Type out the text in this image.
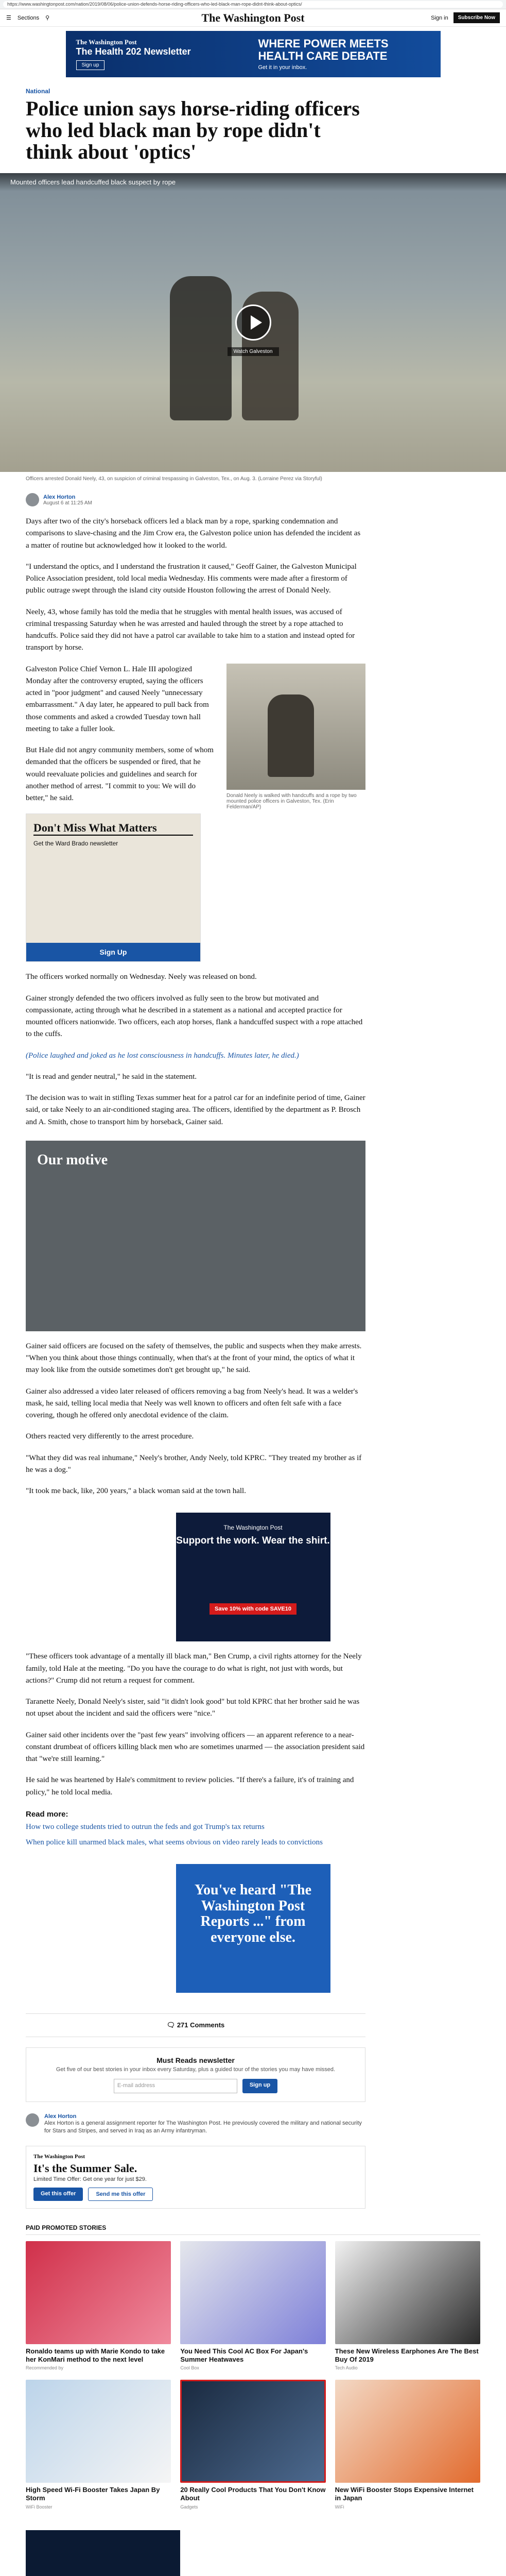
https://www.washingtonpost.com/nation/2019/08/06/police-union-defends-horse-riding-officers-who-led-black-man-rope-didnt-think-about-optics/
☰ Sections ⚲	The Washington Post	Sign in	Subscribe Now
The Washington Post
The Health 202 Newsletter
Sign up
WHERE POWER MEETS HEALTH CARE DEBATE
Get it in your inbox.
National
Police union says horse-riding officers who led black man by rope didn't think about 'optics'
Mounted officers lead handcuffed black suspect by rope
Watch Galveston
Officers arrested Donald Neely, 43, on suspicion of criminal trespassing in Galveston, Tex., on Aug. 3. (Lorraine Perez via Storyful)
Alex Horton
August 6 at 11:25 AM

Days after two of the city's horseback officers led a black man by a rope, sparking condemnation and comparisons to slave-chasing and the Jim Crow era, the Galveston police union has defended the incident as a matter of routine but acknowledged how it looked to the world.

"I understand the optics, and I understand the frustration it caused," Geoff Gainer, the Galveston Municipal Police Association president, told local media Wednesday. His comments were made after a firestorm of public outrage swept through the island city outside Houston following the arrest of Donald Neely.

Neely, 43, whose family has told the media that he struggles with mental health issues, was accused of criminal trespassing Saturday when he was arrested and hauled through the street by a rope attached to handcuffs. Police said they did not have a patrol car available to take him to a station and instead opted for transport by horse.

Donald Neely is walked with handcuffs and a rope by two mounted police officers in Galveston, Tex. (Erin Felderman/AP)

Galveston Police Chief Vernon L. Hale III apologized Monday after the controversy erupted, saying the officers acted in "poor judgment" and caused Neely "unnecessary embarrassment." A day later, he appeared to pull back from those comments and asked a crowded Tuesday town hall meeting to take a fuller look.

But Hale did not angry community members, some of whom demanded that the officers be suspended or fired, that he would reevaluate policies and guidelines and search for another method of arrest. "I commit to you: We will do better," he said.

Don't Miss What Matters
Get the Ward Brado newsletter
Sign Up

The officers worked normally on Wednesday. Neely was released on bond.

Gainer strongly defended the two officers involved as fully seen to the brow but motivated and compassionate, acting through what he described in a statement as a national and accepted practice for mounted officers nationwide. Two officers, each atop horses, flank a handcuffed suspect with a rope attached to the cuffs.

(Police laughed and joked as he lost consciousness in handcuffs. Minutes later, he died.)

"It is read and gender neutral," he said in the statement.

The decision was to wait in stifling Texas summer heat for a patrol car for an indefinite period of time, Gainer said, or take Neely to an air-conditioned staging area. The officers, identified by the department as P. Brosch and A. Smith, chose to transport him by horseback, Gainer said.

Our motive

Gainer said officers are focused on the safety of themselves, the public and suspects when they make arrests. "When you think about those things continually, when that's at the front of your mind, the optics of what it may look like from the outside sometimes don't get brought up," he said.

Gainer also addressed a video later released of officers removing a bag from Neely's head. It was a welder's mask, he said, telling local media that Neely was well known to officers and often felt safe with a face covering, though he offered only anecdotal evidence of the claim.

Others reacted very differently to the arrest procedure.

"What they did was real inhumane," Neely's brother, Andy Neely, told KPRC. "They treated my brother as if he was a dog."

"It took me back, like, 200 years," a black woman said at the town hall.

The Washington Post
Support the work. Wear the shirt.
Save 10% with code SAVE10

"These officers took advantage of a mentally ill black man," Ben Crump, a civil rights attorney for the Neely family, told Hale at the meeting. "Do you have the courage to do what is right, not just with words, but actions?" Crump did not return a request for comment.

Taranette Neely, Donald Neely's sister, said "it didn't look good" but told KPRC that her brother said he was not upset about the incident and said the officers were "nice."

Gainer said other incidents over the "past few years" involving officers — an apparent reference to a near-constant drumbeat of officers killing black men who are sometimes unarmed — the association president said that "we're still learning."

He said he was heartened by Hale's commitment to review policies. "If there's a failure, it's of training and policy," he told local media.

Read more:
How two college students tried to outrun the feds and got Trump's tax returns
When police kill unarmed black males, what seems obvious on video rarely leads to convictions
You've heard "The Washington Post Reports ..." from everyone else.
🗨 271 Comments
Must Reads newsletter
Get five of our best stories in your inbox every Saturday, plus a guided tour of the stories you may have missed.
E-mail address	Sign up
Alex Horton
Alex Horton is a general assignment reporter for The Washington Post. He previously covered the military and national security for Stars and Stripes, and served in Iraq as an Army infantryman.
The Washington Post
It's the Summer Sale.
Limited Time Offer: Get one year for just $29.
Get this offer	Send me this offer
PAID PROMOTED STORIES
Ronaldo teams up with Marie Kondo to take her KonMari method to the next level
Recommended by
You Need This Cool AC Box For Japan's Summer Heatwaves
Cool Box
These New Wireless Earphones Are The Best Buy Of 2019
Tech Audio
High Speed Wi-Fi Booster Takes Japan By Storm
WiFi Booster
20 Really Cool Products That You Don't Know About
Gadgets
New WiFi Booster Stops Expensive Internet in Japan
WiFi
